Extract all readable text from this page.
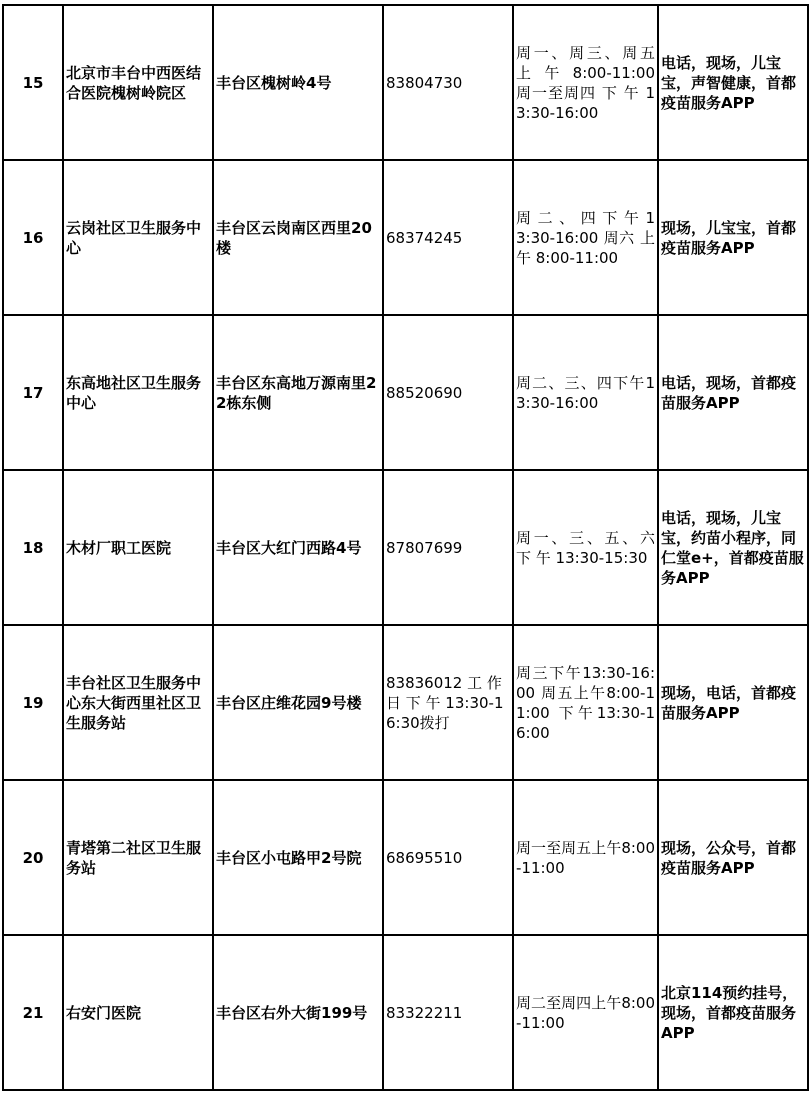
15	北京市丰台中西医结合医院槐树岭院区	丰台区槐树岭4号	83804730	周一、周三、周五 上 午 8:00-11:00 周一至周四 下 午 13:30-16:00	电话，现场，儿宝宝，声智健康，首都疫苗服务APP
16	云岗社区卫生服务中心	丰台区云岗南区西里20楼	68374245	周 二 、 四 下 午 13:30-16:00 周六 上 午 8:00-11:00	现场，儿宝宝，首都疫苗服务APP
17	东高地社区卫生服务中心	丰台区东高地万源南里22栋东侧	88520690	周二、三、四下午13:30-16:00	电话，现场，首都疫苗服务APP
18	木材厂职工医院	丰台区大红门西路4号	87807699	周一、三、五、六 下 午 13:30-15:30	电话，现场，儿宝宝，约苗小程序，同仁堂e+，首都疫苗服务APP
19	丰台社区卫生服务中心东大街西里社区卫生服务站	丰台区庄维花园9号楼	83836012 工 作 日 下 午 13:30-16:30拨打	周三下午13:30-16:00 周五上午8:00-11:00 下午13:30-16:00	现场，电话，首都疫苗服务APP
20	青塔第二社区卫生服务站	丰台区小屯路甲2号院	68695510	周一至周五上午8:00-11:00	现场，公众号，首都疫苗服务APP
21	右安门医院	丰台区右外大街199号	83322211	周二至周四上午8:00-11:00	北京114预约挂号，现场，首都疫苗服务APP
